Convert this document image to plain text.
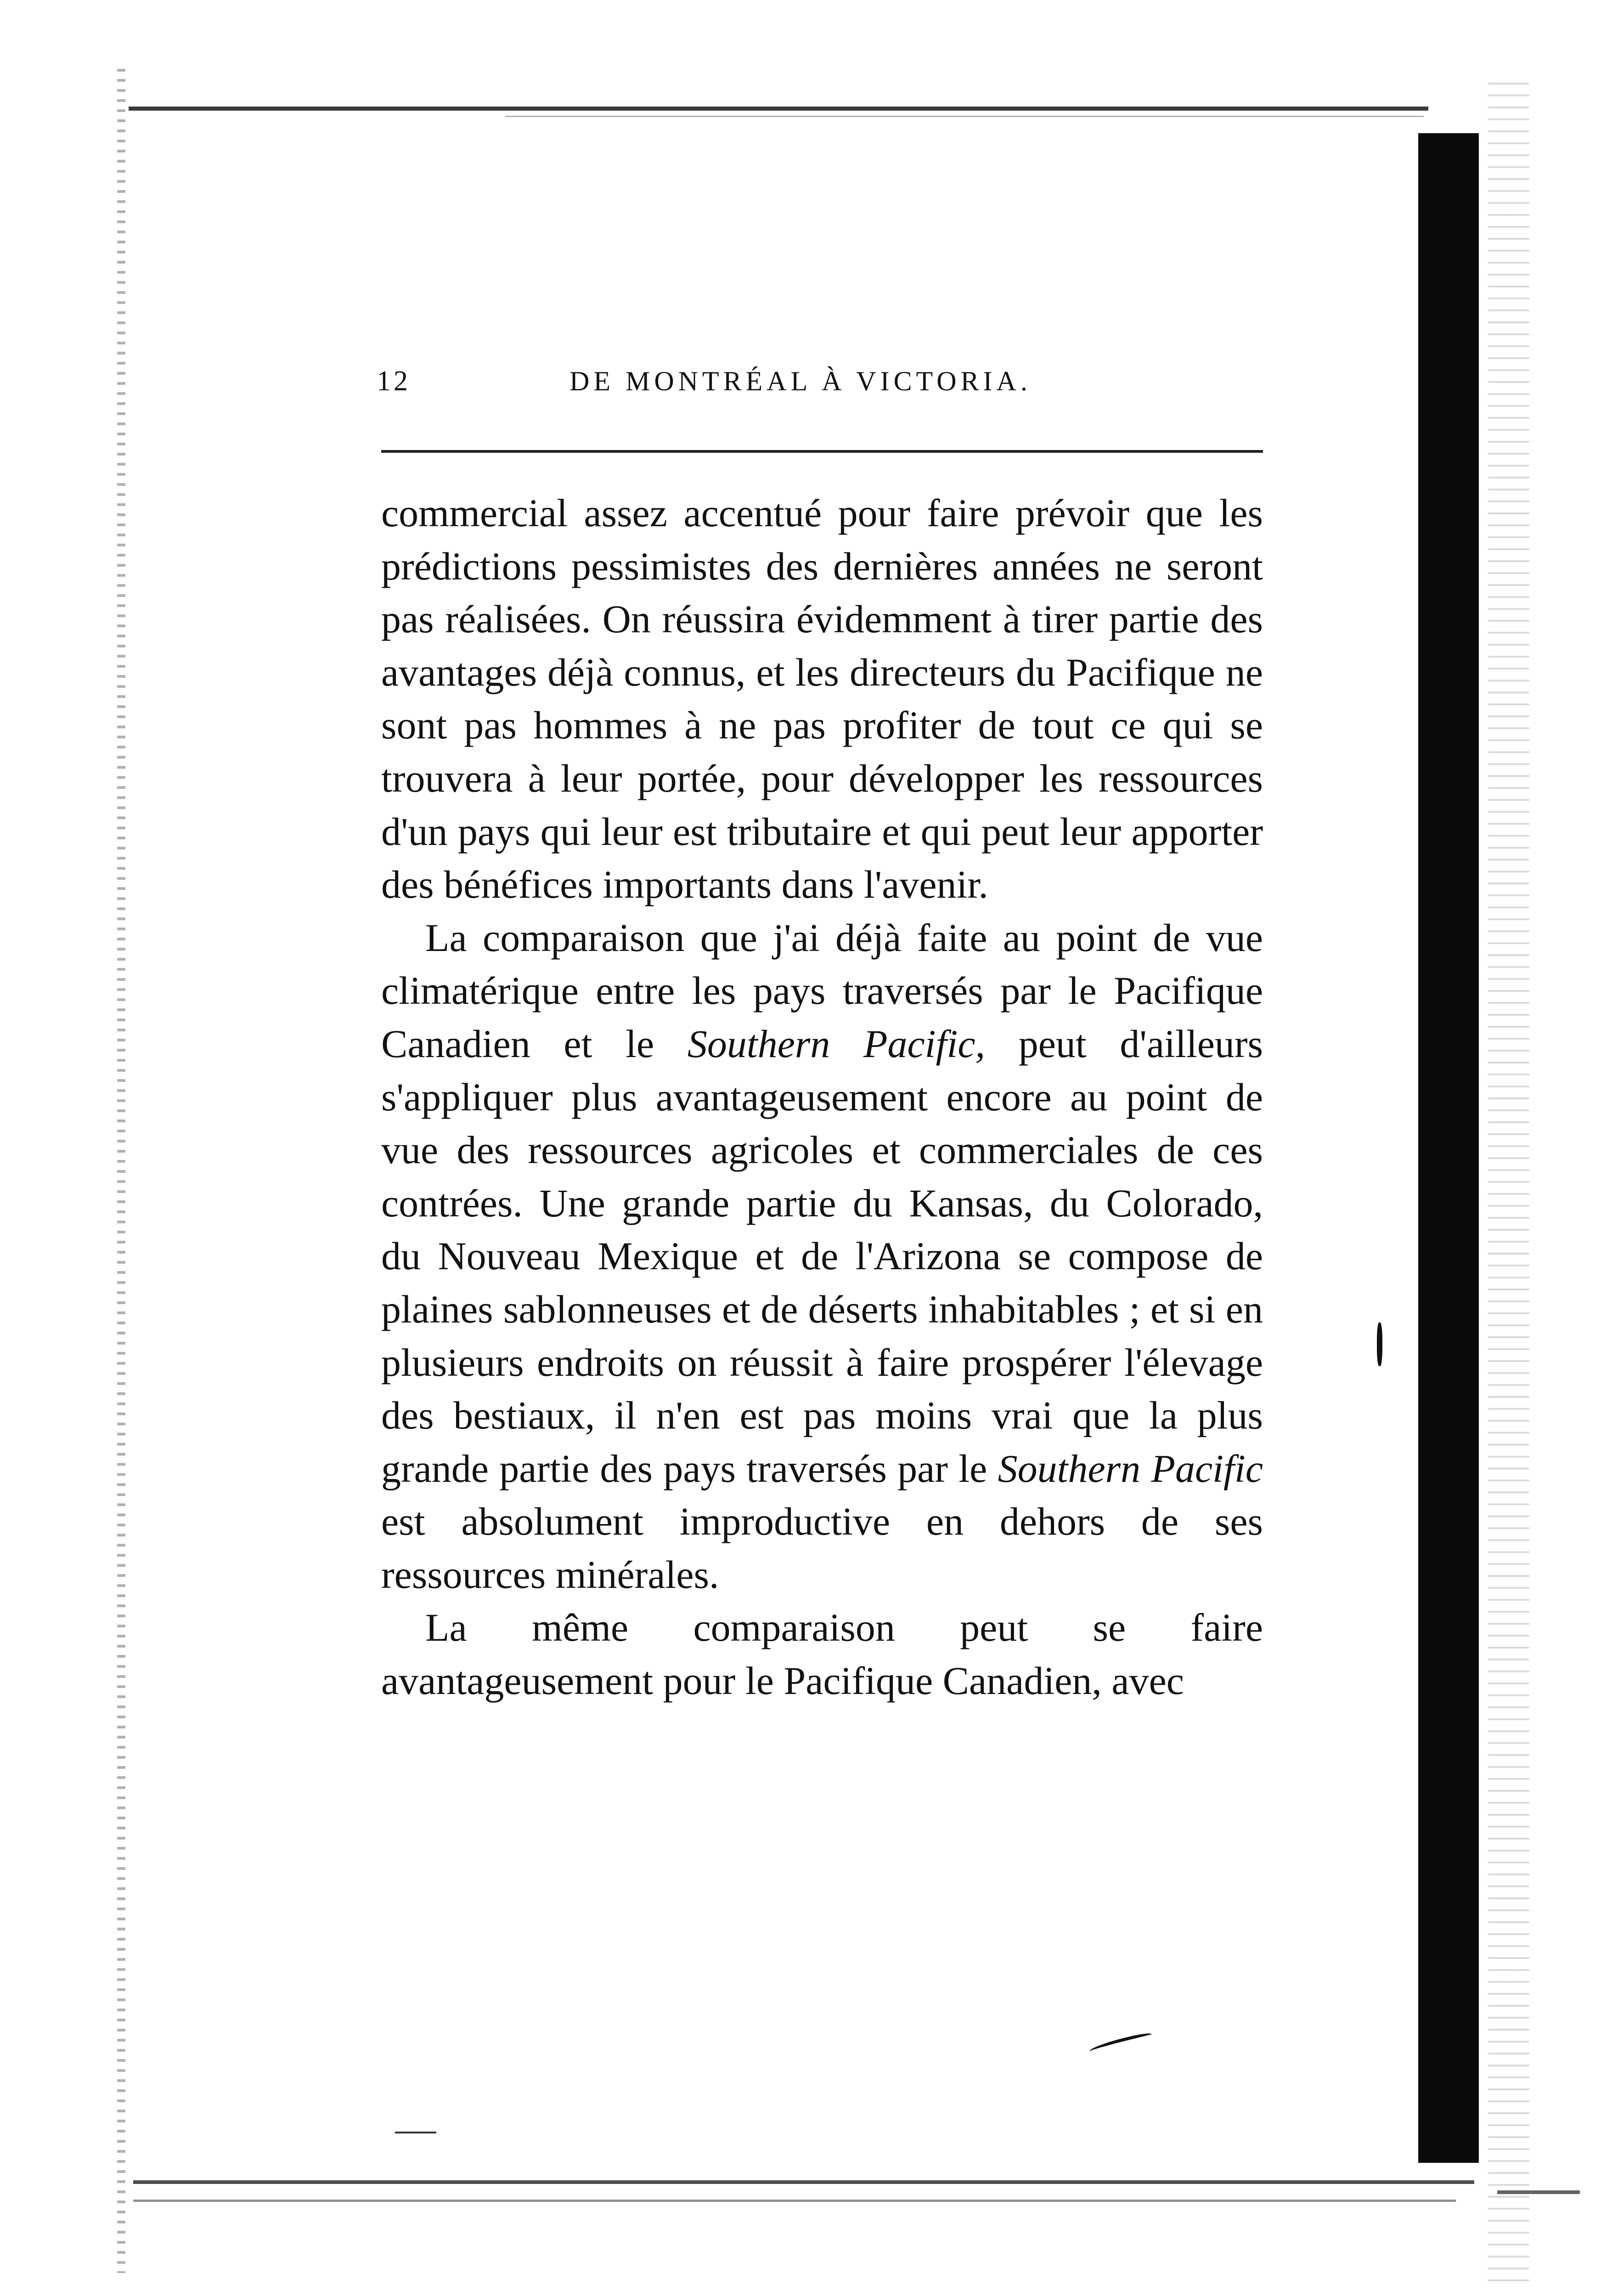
12	DE MONTRÉAL À VICTORIA.

commercial assez accentué pour faire prévoir que les prédictions pessimistes des dernières années ne seront pas réalisées. On réussira évidemment à tirer partie des avantages déjà connus, et les directeurs du Pacifique ne sont pas hommes à ne pas profiter de tout ce qui se trouvera à leur portée, pour développer les ressources d'un pays qui leur est tributaire et qui peut leur apporter des bénéfices importants dans l'avenir.

La comparaison que j'ai déjà faite au point de vue climatérique entre les pays traversés par le Pacifique Canadien et le Southern Pacific, peut d'ailleurs s'appliquer plus avantageusement encore au point de vue des ressources agricoles et commerciales de ces contrées. Une grande partie du Kansas, du Colorado, du Nouveau Mexique et de l'Arizona se compose de plaines sablonneuses et de déserts inhabitables ; et si en plusieurs endroits on réussit à faire prospérer l'élevage des bestiaux, il n'en est pas moins vrai que la plus grande partie des pays traversés par le Southern Pacific est absolument improductive en dehors de ses ressources minérales.

La même comparaison peut se faire avantageusement pour le Pacifique Canadien, avec
